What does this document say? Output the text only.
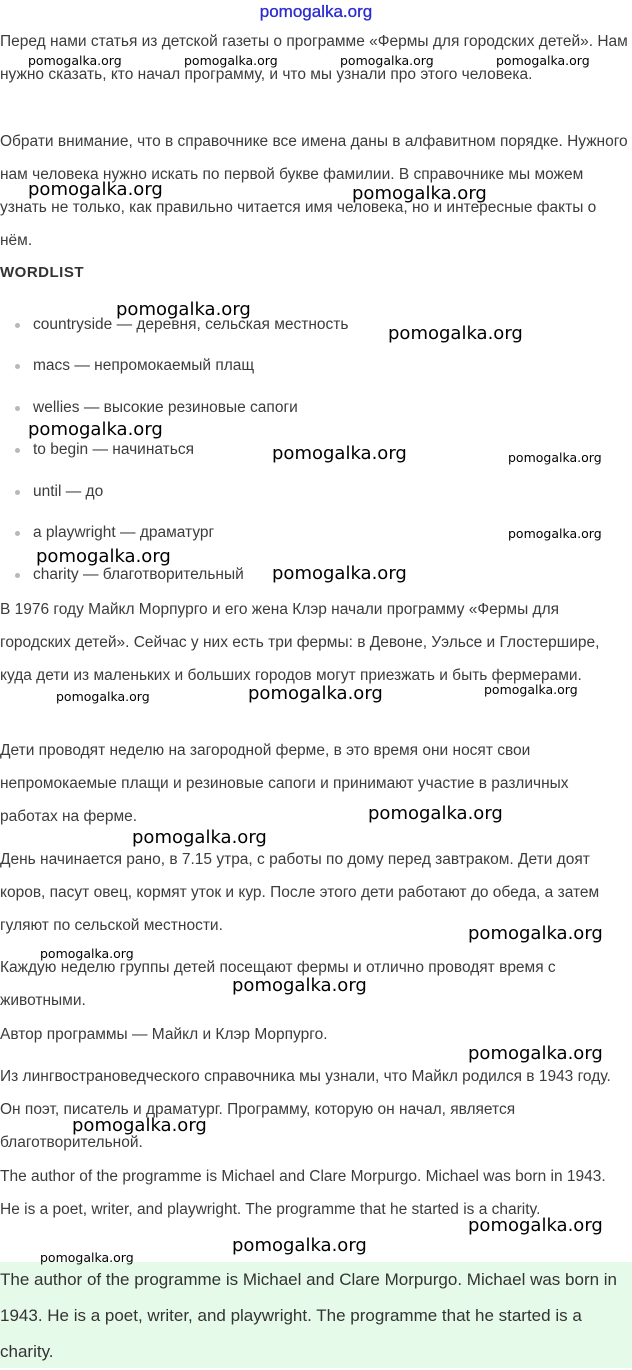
pomogalka.org

Перед нами статья из детской газеты о программе «Фермы для городских детей». Нам нужно сказать, кто начал программу, и что мы узнали про этого человека.

Обрати внимание, что в справочнике все имена даны в алфавитном порядке. Нужного нам человека нужно искать по первой букве фамилии. В справочнике мы можем узнать не только, как правильно читается имя человека, но и интересные факты о нём.

WORDLIST
countryside — деревня, сельская местность
macs — непромокаемый плащ
wellies — высокие резиновые сапоги
to begin — начинаться
until — до
a playwright — драматург
charity — благотворительный

В 1976 году Майкл Морпурго и его жена Клэр начали программу «Фермы для городских детей». Сейчас у них есть три фермы: в Девоне, Уэльсе и Глостершире, куда дети из маленьких и больших городов могут приезжать и быть фермерами.

Дети проводят неделю на загородной ферме, в это время они носят свои непромокаемые плащи и резиновые сапоги и принимают участие в различных работах на ферме.

День начинается рано, в 7.15 утра, с работы по дому перед завтраком. Дети доят коров, пасут овец, кормят уток и кур. После этого дети работают до обеда, а затем гуляют по сельской местности.

Каждую неделю группы детей посещают фермы и отлично проводят время с животными.

Автор программы — Майкл и Клэр Морпурго.

Из лингвострановедческого справочника мы узнали, что Майкл родился в 1943 году. Он поэт, писатель и драматург. Программу, которую он начал, является благотворительной.

The author of the programme is Michael and Clare Morpurgo. Michael was born in 1943. He is a poet, writer, and playwright. The programme that he started is a charity.

The author of the programme is Michael and Clare Morpurgo. Michael was born in 1943. He is a poet, writer, and playwright. The programme that he started is a charity.

pomogalka.org	pomogalka.org	pomogalka.org	pomogalka.org
pomogalka.org	pomogalka.org
pomogalka.org
pomogalka.org
pomogalka.org
pomogalka.org	pomogalka.org
pomogalka.org
pomogalka.org
pomogalka.org
pomogalka.org	pomogalka.org	pomogalka.org
pomogalka.org
pomogalka.org
pomogalka.org
pomogalka.org
pomogalka.org
pomogalka.org
pomogalka.org
pomogalka.org
pomogalka.org
pomogalka.org
